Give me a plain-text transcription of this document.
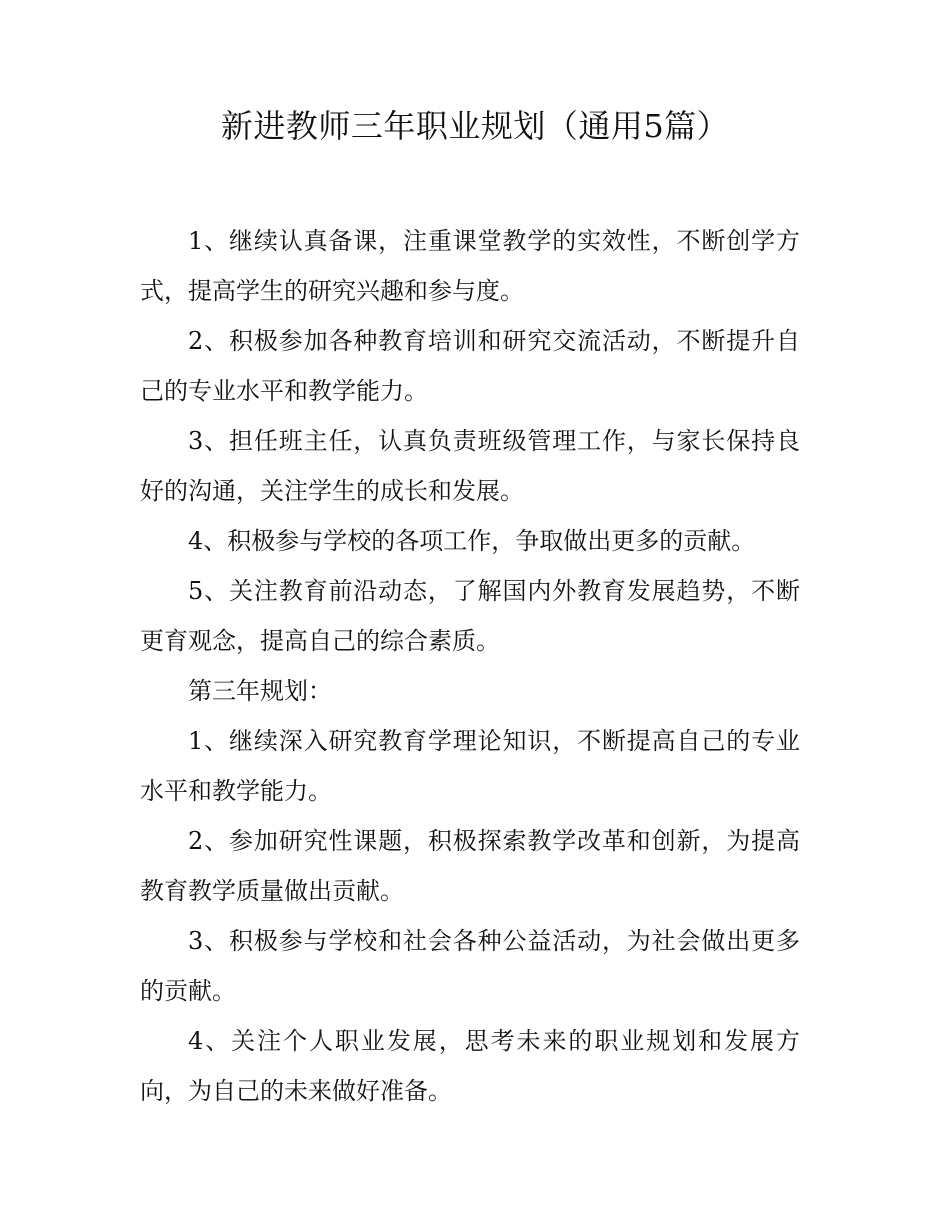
新进教师三年职业规划（通用5篇）

1、继续认真备课，注重课堂教学的实效性，不断创学方式，提高学生的研究兴趣和参与度。

2、积极参加各种教育培训和研究交流活动，不断提升自己的专业水平和教学能力。

3、担任班主任，认真负责班级管理工作，与家长保持良好的沟通，关注学生的成长和发展。

4、积极参与学校的各项工作，争取做出更多的贡献。

5、关注教育前沿动态，了解国内外教育发展趋势，不断更育观念，提高自己的综合素质。

第三年规划：

1、继续深入研究教育学理论知识，不断提高自己的专业水平和教学能力。

2、参加研究性课题，积极探索教学改革和创新，为提高教育教学质量做出贡献。

3、积极参与学校和社会各种公益活动，为社会做出更多的贡献。

4、关注个人职业发展，思考未来的职业规划和发展方向，为自己的未来做好准备。
